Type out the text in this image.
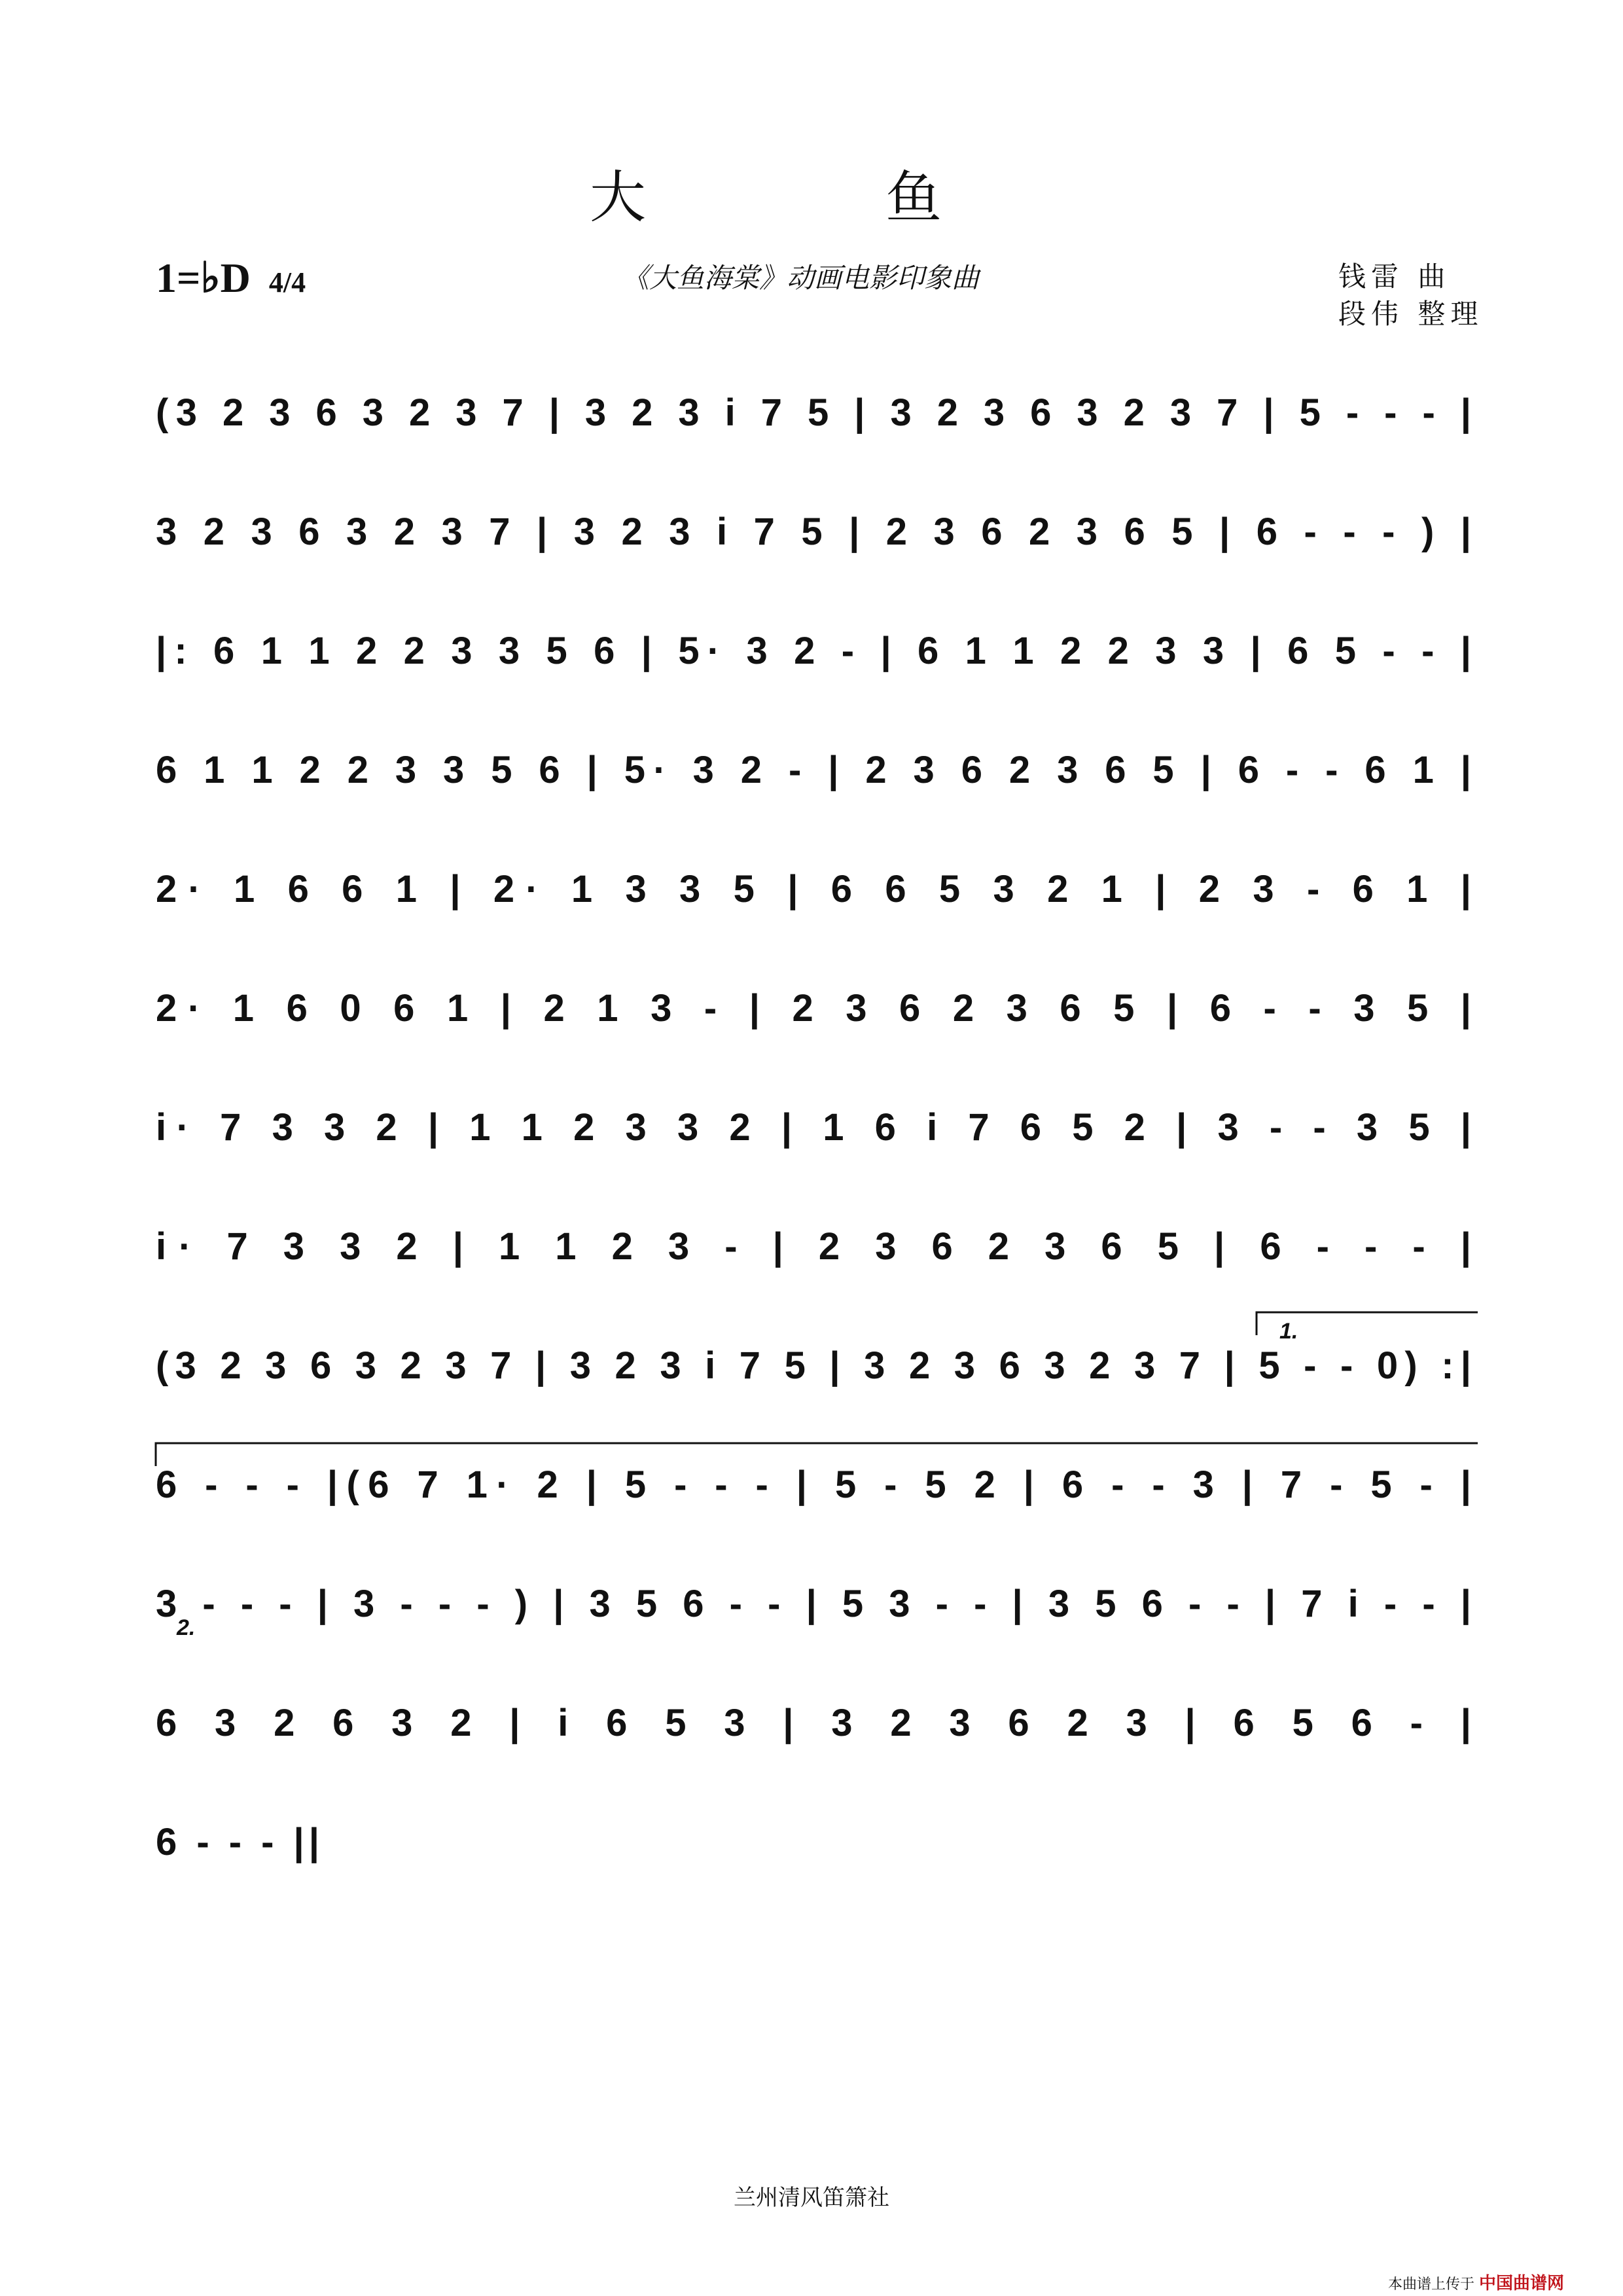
大　鱼
1=♭D 4/4	《大鱼海棠》动画电影印象曲	钱雷 曲
段伟 整理
(3 2 3 6 3 2 3 7 | 3 2 3 i 7 5 | 3 2 3 6 3 2 3 7 | 5 - - - |
3 2 3 6 3 2 3 7 | 3 2 3 i 7 5 | 2 3 6 2 3 6 5 | 6 - - - ) |
|: 6 1 1 2 2 3 3 5 6 | 5· 3 2 - | 6 1 1 2 2 3 3 | 6 5 - - |
6 1 1 2 2 3 3 5 6 | 5· 3 2 - | 2 3 6 2 3 6 5 | 6 - - 6 1 |
2· 1 6 6 1 | 2· 1 3 3 5 | 6 6 5 3 2 1 | 2 3 - 6 1 |
2· 1 6 0 6 1 | 2 1 3 - | 2 3 6 2 3 6 5 | 6 - - 3 5 |
i· 7 3 3 2 | 1 1 2 3 3 2 | 1 6 i 7 6 5 2 | 3 - - 3 5 |
i· 7 3 3 2 | 1 1 2 3 - | 2 3 6 2 3 6 5 | 6 - - - |
(3 2 3 6 3 2 3 7 | 3 2 3 i 7 5 | 3 2 3 6 3 2 3 7 | 5 - - 0) :|
6 - - - |(6 7 1· 2 | 5 - - - | 5 - 5 2 | 6 - - 3 | 7 - 5 - |
3 - - - | 3 - - - ) | 3 5 6 - - | 5 3 - - | 3 5 6 - - | 7 i - - |
6 3 2 6 3 2 | i 6 5 3 | 3 2 3 6 2 3 | 6 5 6 - |
6 - - - ||
1.
2.
兰州清风笛箫社
本曲谱上传于 中国曲谱网
